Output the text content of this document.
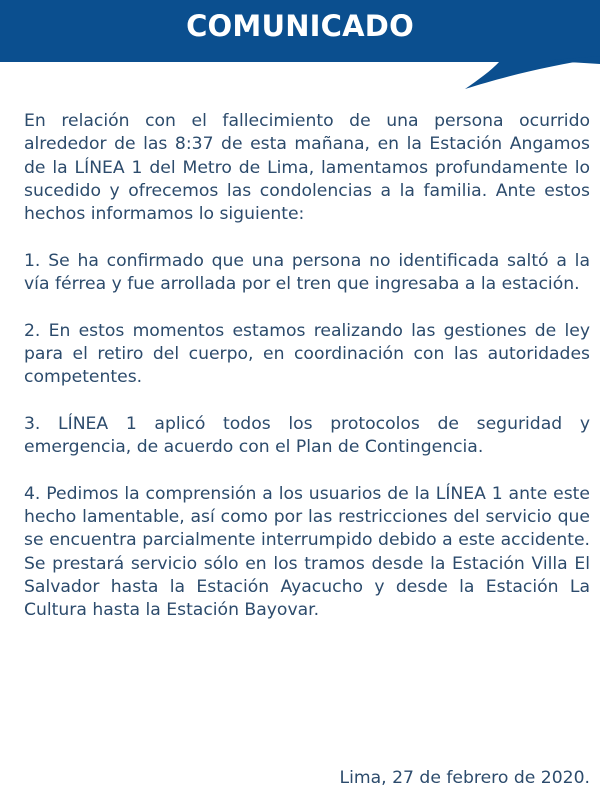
COMUNICADO

En relación con el fallecimiento de una persona ocurrido alrededor de las 8:37 de esta mañana, en la Estación Angamos de la LÍNEA 1 del Metro de Lima, lamentamos profundamente lo sucedido y ofrecemos las condolencias a la familia. Ante estos hechos informamos lo siguiente:

1. Se ha confirmado que una persona no identificada saltó a la vía férrea y fue arrollada por el tren que ingresaba a la estación.

2. En estos momentos estamos realizando las gestiones de ley para el retiro del cuerpo, en coordinación con las autoridades competentes.

3. LÍNEA 1 aplicó todos los protocolos de seguridad y emergencia, de acuerdo con el Plan de Contingencia.

4. Pedimos la comprensión a los usuarios de la LÍNEA 1 ante este hecho lamentable, así como por las restricciones del servicio que se encuentra parcialmente interrumpido debido a este accidente. Se prestará servicio sólo en los tramos desde la Estación Villa El Salvador hasta la Estación Ayacucho y desde la Estación La Cultura hasta la Estación Bayovar.

Lima, 27 de febrero de 2020.
